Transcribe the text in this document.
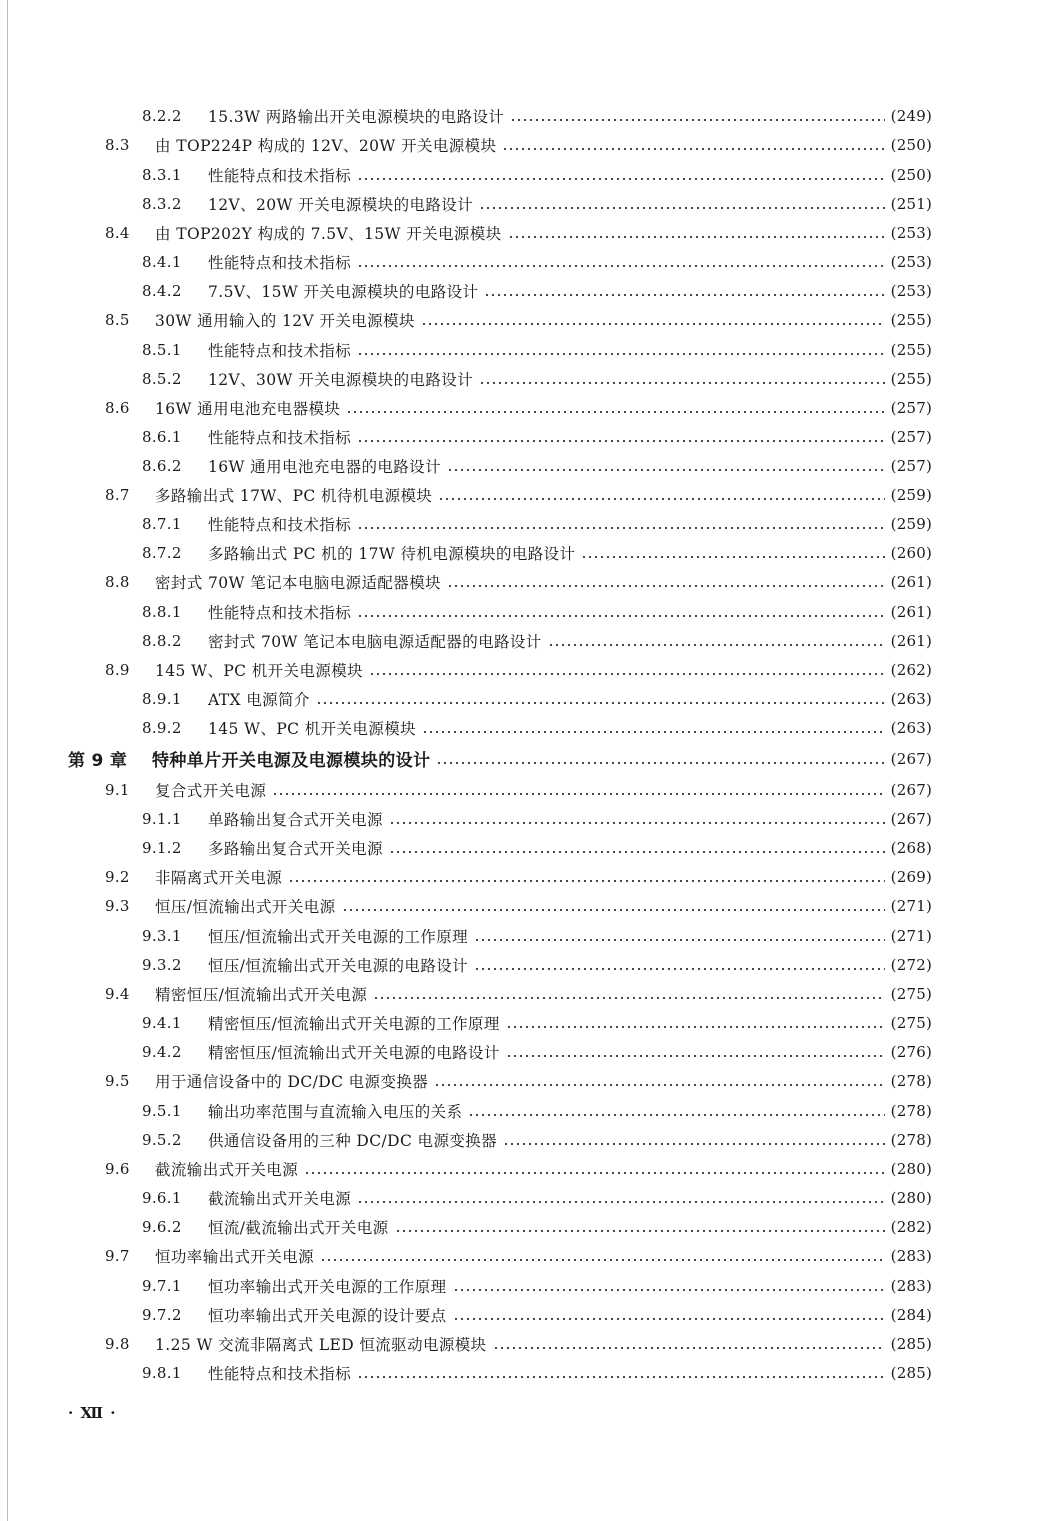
8.2.2	15.3W 两路输出开关电源模块的电路设计	(249)
8.3	由 TOP224P 构成的 12V、20W 开关电源模块	(250)
8.3.1	性能特点和技术指标	(250)
8.3.2	12V、20W 开关电源模块的电路设计	(251)
8.4	由 TOP202Y 构成的 7.5V、15W 开关电源模块	(253)
8.4.1	性能特点和技术指标	(253)
8.4.2	7.5V、15W 开关电源模块的电路设计	(253)
8.5	30W 通用输入的 12V 开关电源模块	(255)
8.5.1	性能特点和技术指标	(255)
8.5.2	12V、30W 开关电源模块的电路设计	(255)
8.6	16W 通用电池充电器模块	(257)
8.6.1	性能特点和技术指标	(257)
8.6.2	16W 通用电池充电器的电路设计	(257)
8.7	多路输出式 17W、PC 机待机电源模块	(259)
8.7.1	性能特点和技术指标	(259)
8.7.2	多路输出式 PC 机的 17W 待机电源模块的电路设计	(260)
8.8	密封式 70W 笔记本电脑电源适配器模块	(261)
8.8.1	性能特点和技术指标	(261)
8.8.2	密封式 70W 笔记本电脑电源适配器的电路设计	(261)
8.9	145 W、PC 机开关电源模块	(262)
8.9.1	ATX 电源简介	(263)
8.9.2	145 W、PC 机开关电源模块	(263)
第 9 章 特种单片开关电源及电源模块的设计	(267)
9.1	复合式开关电源	(267)
9.1.1	单路输出复合式开关电源	(267)
9.1.2	多路输出复合式开关电源	(268)
9.2	非隔离式开关电源	(269)
9.3	恒压/恒流输出式开关电源	(271)
9.3.1	恒压/恒流输出式开关电源的工作原理	(271)
9.3.2	恒压/恒流输出式开关电源的电路设计	(272)
9.4	精密恒压/恒流输出式开关电源	(275)
9.4.1	精密恒压/恒流输出式开关电源的工作原理	(275)
9.4.2	精密恒压/恒流输出式开关电源的电路设计	(276)
9.5	用于通信设备中的 DC/DC 电源变换器	(278)
9.5.1	输出功率范围与直流输入电压的关系	(278)
9.5.2	供通信设备用的三种 DC/DC 电源变换器	(278)
9.6	截流输出式开关电源	(280)
9.6.1	截流输出式开关电源	(280)
9.6.2	恒流/截流输出式开关电源	(282)
9.7	恒功率输出式开关电源	(283)
9.7.1	恒功率输出式开关电源的工作原理	(283)
9.7.2	恒功率输出式开关电源的设计要点	(284)
9.8	1.25 W 交流非隔离式 LED 恒流驱动电源模块	(285)
9.8.1	性能特点和技术指标	(285)
· Ⅻ ·
